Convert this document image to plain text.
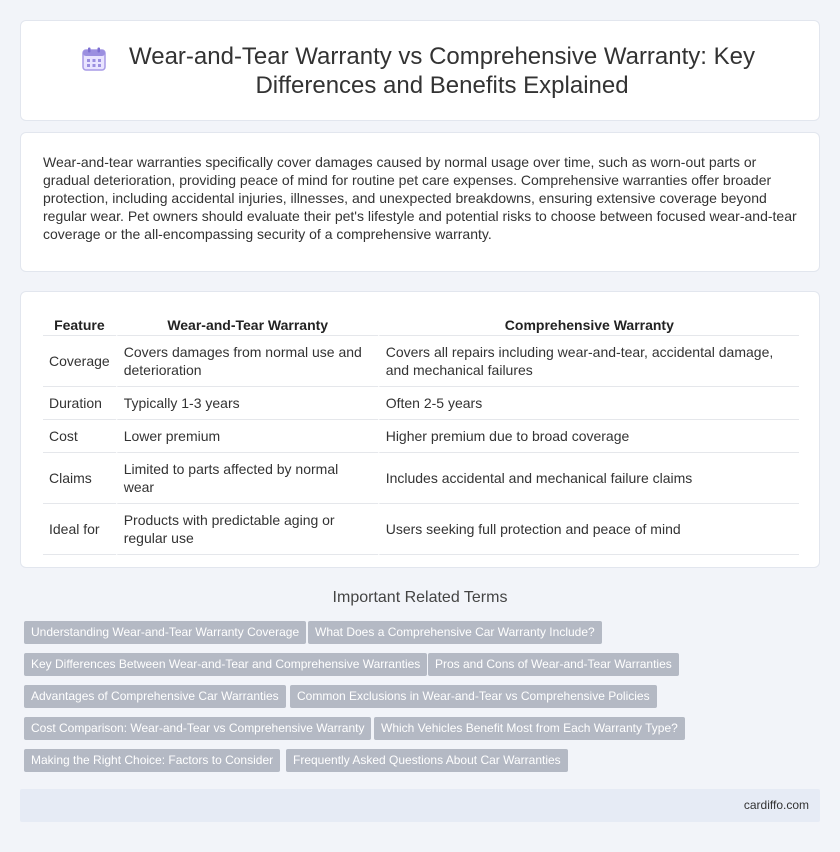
Wear-and-Tear Warranty vs Comprehensive Warranty: Key Differences and Benefits Explained

Wear-and-tear warranties specifically cover damages caused by normal usage over time, such as worn-out parts or gradual deterioration, providing peace of mind for routine pet care expenses. Comprehensive warranties offer broader protection, including accidental injuries, illnesses, and unexpected breakdowns, ensuring extensive coverage beyond regular wear. Pet owners should evaluate their pet's lifestyle and potential risks to choose between focused wear-and-tear coverage or the all-encompassing security of a comprehensive warranty.

Feature	Wear-and-Tear Warranty	Comprehensive Warranty
Coverage	Covers damages from normal use and deterioration	Covers all repairs including wear-and-tear, accidental damage, and mechanical failures
Duration	Typically 1-3 years	Often 2-5 years
Cost	Lower premium	Higher premium due to broad coverage
Claims	Limited to parts affected by normal wear	Includes accidental and mechanical failure claims
Ideal for	Products with predictable aging or regular use	Users seeking full protection and peace of mind
Important Related Terms
Understanding Wear-and-Tear Warranty Coverage	What Does a Comprehensive Car Warranty Include?
Key Differences Between Wear-and-Tear and Comprehensive Warranties	Pros and Cons of Wear-and-Tear Warranties
Advantages of Comprehensive Car Warranties	Common Exclusions in Wear-and-Tear vs Comprehensive Policies
Cost Comparison: Wear-and-Tear vs Comprehensive Warranty	Which Vehicles Benefit Most from Each Warranty Type?
Making the Right Choice: Factors to Consider	Frequently Asked Questions About Car Warranties
cardiffo.com
